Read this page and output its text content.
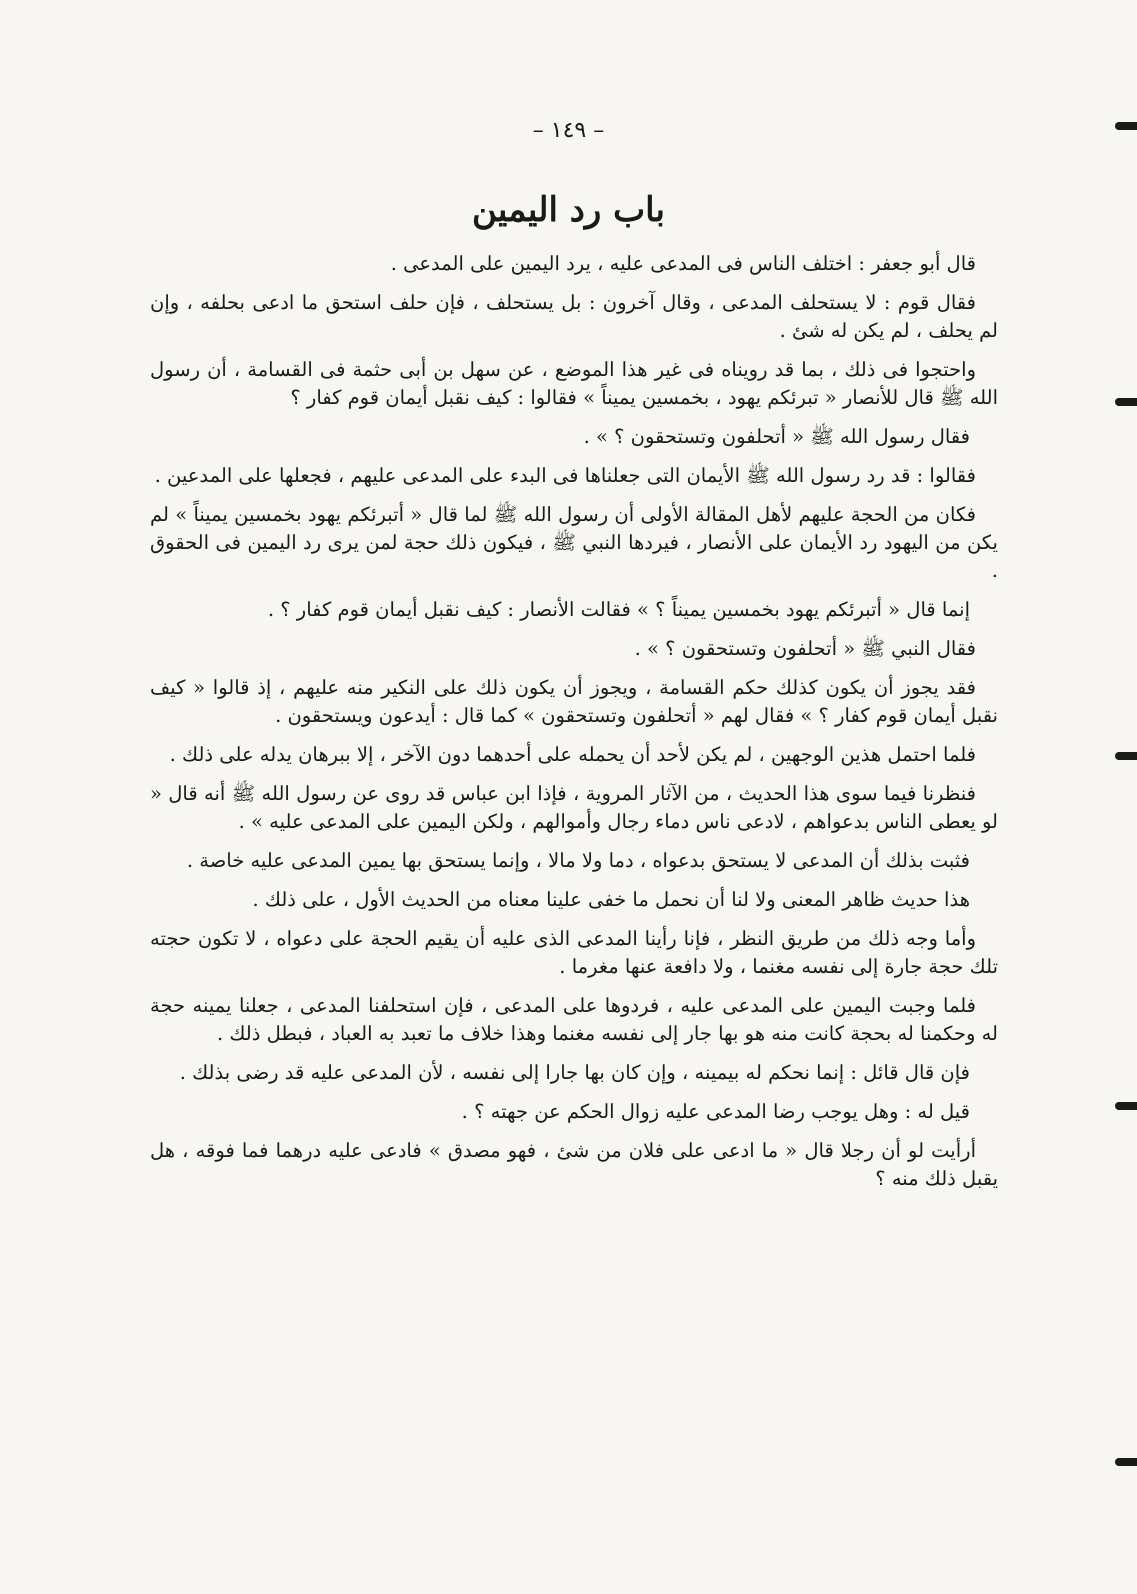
– ١٤٩ –
باب رد اليمين

قال أبو جعفر : اختلف الناس فى المدعى عليه ، يرد اليمين على المدعى .

فقال قوم : لا يستحلف المدعى ، وقال آخرون : بل يستحلف ، فإن حلف استحق ما ادعى بحلفه ، وإن لم يحلف ، لم يكن له شئ .

واحتجوا فى ذلك ، بما قد رويناه فى غير هذا الموضع ، عن سهل بن أبى حثمة فى القسامة ، أن رسول الله ﷺ قال للأنصار « تبرئكم يهود ، بخمسين يميناً » فقالوا : كيف نقبل أيمان قوم كفار ؟

فقال رسول الله ﷺ « أتحلفون وتستحقون ؟ » .

فقالوا : قد رد رسول الله ﷺ الأيمان التى جعلناها فى البدء على المدعى عليهم ، فجعلها على المدعين .

فكان من الحجة عليهم لأهل المقالة الأولى أن رسول الله ﷺ لما قال « أتبرئكم يهود بخمسين يميناً » لم يكن من اليهود رد الأيمان على الأنصار ، فيردها النبي ﷺ ، فيكون ذلك حجة لمن يرى رد اليمين فى الحقوق .

إنما قال « أتبرئكم يهود بخمسين يميناً ؟ » فقالت الأنصار : كيف نقبل أيمان قوم كفار ؟ .

فقال النبي ﷺ « أتحلفون وتستحقون ؟ » .

فقد يجوز أن يكون كذلك حكم القسامة ، ويجوز أن يكون ذلك على النكير منه عليهم ، إذ قالوا « كيف نقبل أيمان قوم كفار ؟ » فقال لهم « أتحلفون وتستحقون » كما قال : أيدعون ويستحقون .

فلما احتمل هذين الوجهين ، لم يكن لأحد أن يحمله على أحدهما دون الآخر ، إلا ببرهان يدله على ذلك .

فنظرنا فيما سوى هذا الحديث ، من الآثار المروية ، فإذا ابن عباس قد روى عن رسول الله ﷺ أنه قال « لو يعطى الناس بدعواهم ، لادعى ناس دماء رجال وأموالهم ، ولكن اليمين على المدعى عليه » .

فثبت بذلك أن المدعى لا يستحق بدعواه ، دما ولا مالا ، وإنما يستحق بها يمين المدعى عليه خاصة .

هذا حديث ظاهر المعنى ولا لنا أن نحمل ما خفى علينا معناه من الحديث الأول ، على ذلك .

وأما وجه ذلك من طريق النظر ، فإنا رأينا المدعى الذى عليه أن يقيم الحجة على دعواه ، لا تكون حجته تلك حجة جارة إلى نفسه مغنما ، ولا دافعة عنها مغرما .

فلما وجبت اليمين على المدعى عليه ، فردوها على المدعى ، فإن استحلفنا المدعى ، جعلنا يمينه حجة له وحكمنا له بحجة كانت منه هو بها جار إلى نفسه مغنما وهذا خلاف ما تعبد به العباد ، فبطل ذلك .

فإن قال قائل : إنما نحكم له بيمينه ، وإن كان بها جارا إلى نفسه ، لأن المدعى عليه قد رضى بذلك .

قيل له : وهل يوجب رضا المدعى عليه زوال الحكم عن جهته ؟ .

أرأيت لو أن رجلا قال « ما ادعى على فلان من شئ ، فهو مصدق » فادعى عليه درهما فما فوقه ، هل يقبل ذلك منه ؟
